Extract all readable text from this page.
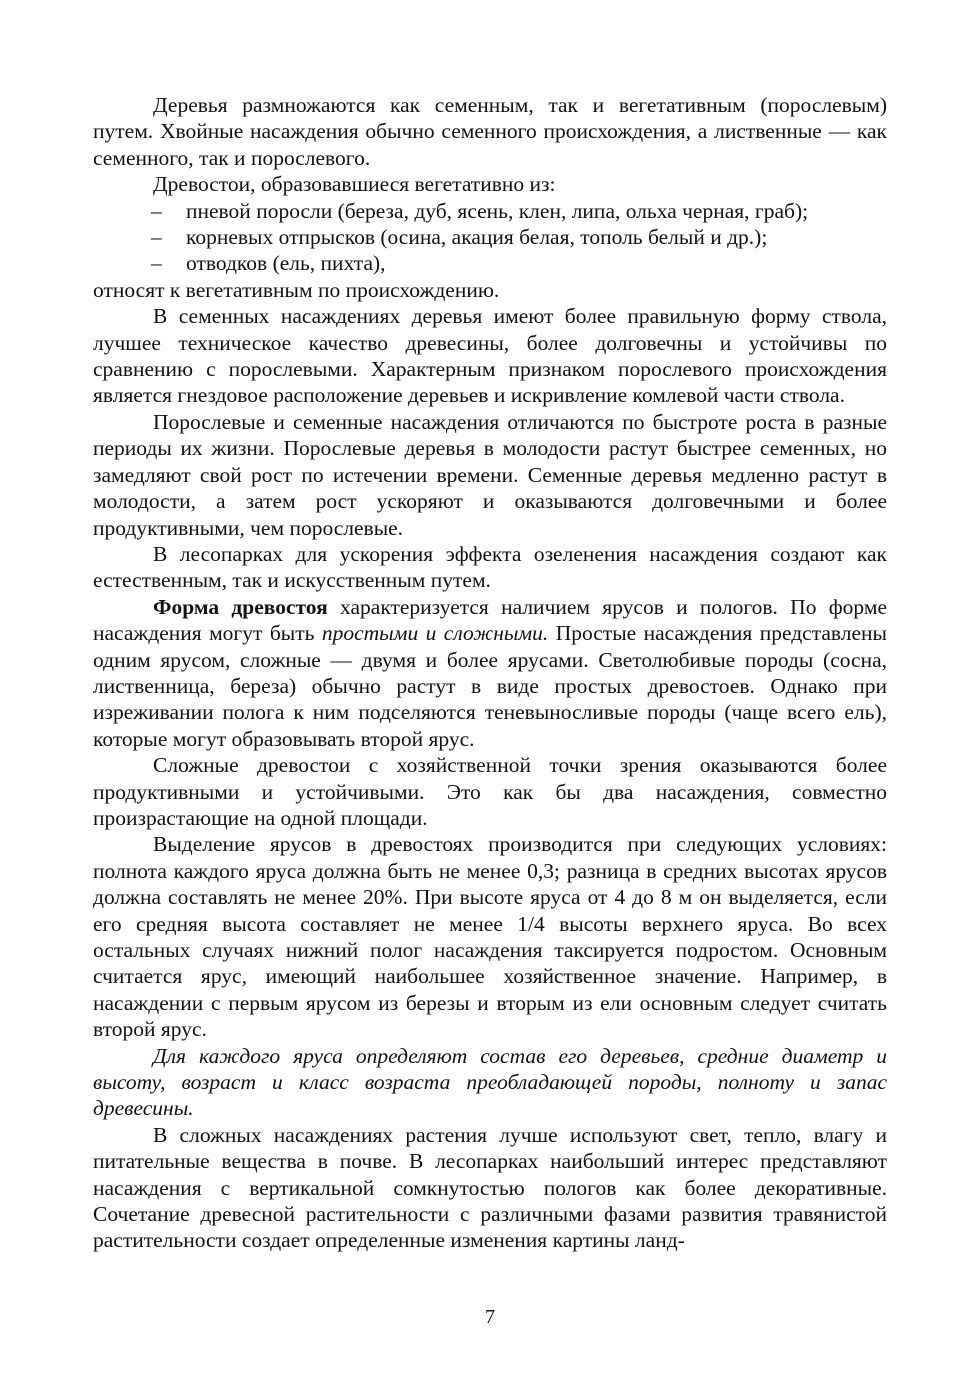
Деревья размножаются как семенным, так и вегетативным (порослевым) путем. Хвойные насаждения обычно семенного происхождения, а лиственные — как семенного, так и порослевого.

Древостои, образовавшиеся вегетативно из:

– пневой поросли (береза, дуб, ясень, клен, липа, ольха черная, граб);
– корневых отпрысков (осина, акация белая, тополь белый и др.);
– отводков (ель, пихта),

относят к вегетативным по происхождению.

В семенных насаждениях деревья имеют более правильную форму ствола, лучшее техническое качество древесины, более долговечны и устойчивы по сравнению с порослевыми. Характерным признаком порослевого происхождения является гнездовое расположение деревьев и искривление комлевой части ствола.

Порослевые и семенные насаждения отличаются по быстроте роста в разные периоды их жизни. Порослевые деревья в молодости растут быстрее семенных, но замедляют свой рост по истечении времени. Семенные деревья медленно растут в молодости, а затем рост ускоряют и оказываются долговечными и более продуктивными, чем порослевые.

В лесопарках для ускорения эффекта озеленения насаждения создают как естественным, так и искусственным путем.

Форма древостоя характеризуется наличием ярусов и пологов. По форме насаждения могут быть простыми и сложными. Простые насаждения представлены одним ярусом, сложные — двумя и более ярусами. Светолюбивые породы (сосна, лиственница, береза) обычно растут в виде простых древостоев. Однако при изреживании полога к ним подселяются теневыносливые породы (чаще всего ель), которые могут образовывать второй ярус.

Сложные древостои с хозяйственной точки зрения оказываются более продуктивными и устойчивыми. Это как бы два насаждения, совместно произрастающие на одной площади.

Выделение ярусов в древостоях производится при следующих условиях: полнота каждого яруса должна быть не менее 0,3; разница в средних высотах ярусов должна составлять не менее 20%. При высоте яруса от 4 до 8 м он выделяется, если его средняя высота составляет не менее 1/4 высоты верхнего яруса. Во всех остальных случаях нижний полог насаждения таксируется подростом. Основным считается ярус, имеющий наибольшее хозяйственное значение. Например, в насаждении с первым ярусом из березы и вторым из ели основным следует считать второй ярус.

Для каждого яруса определяют состав его деревьев, средние диаметр и высоту, возраст и класс возраста преобладающей породы, полноту и запас древесины.

В сложных насаждениях растения лучше используют свет, тепло, влагу и питательные вещества в почве. В лесопарках наибольший интерес представляют насаждения с вертикальной сомкнутостью пологов как более декоративные. Сочетание древесной растительности с различными фазами развития травянистой растительности создает определенные изменения картины ланд-

7
